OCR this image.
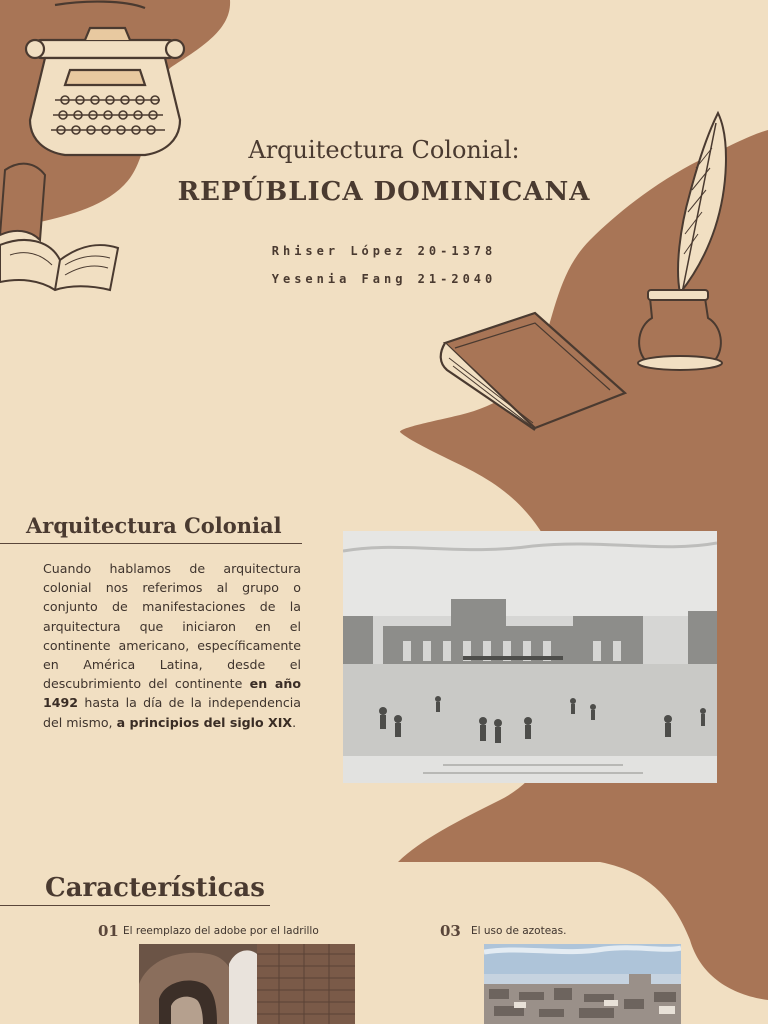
Arquitectura Colonial:
REPÚBLICA DOMINICANA
Rhiser López 20-1378
Yesenia Fang 21-2040
Arquitectura Colonial
Cuando hablamos de arquitectura colonial nos referimos al grupo o conjunto de manifestaciones de la arquitectura que iniciaron en el continente americano, específicamente en América Latina, desde el descubrimiento del continente en año 1492 hasta la día de la independencia del mismo, a principios del siglo XIX.
Características
01 El reemplazo del adobe por el ladrillo	03 El uso de azoteas.
